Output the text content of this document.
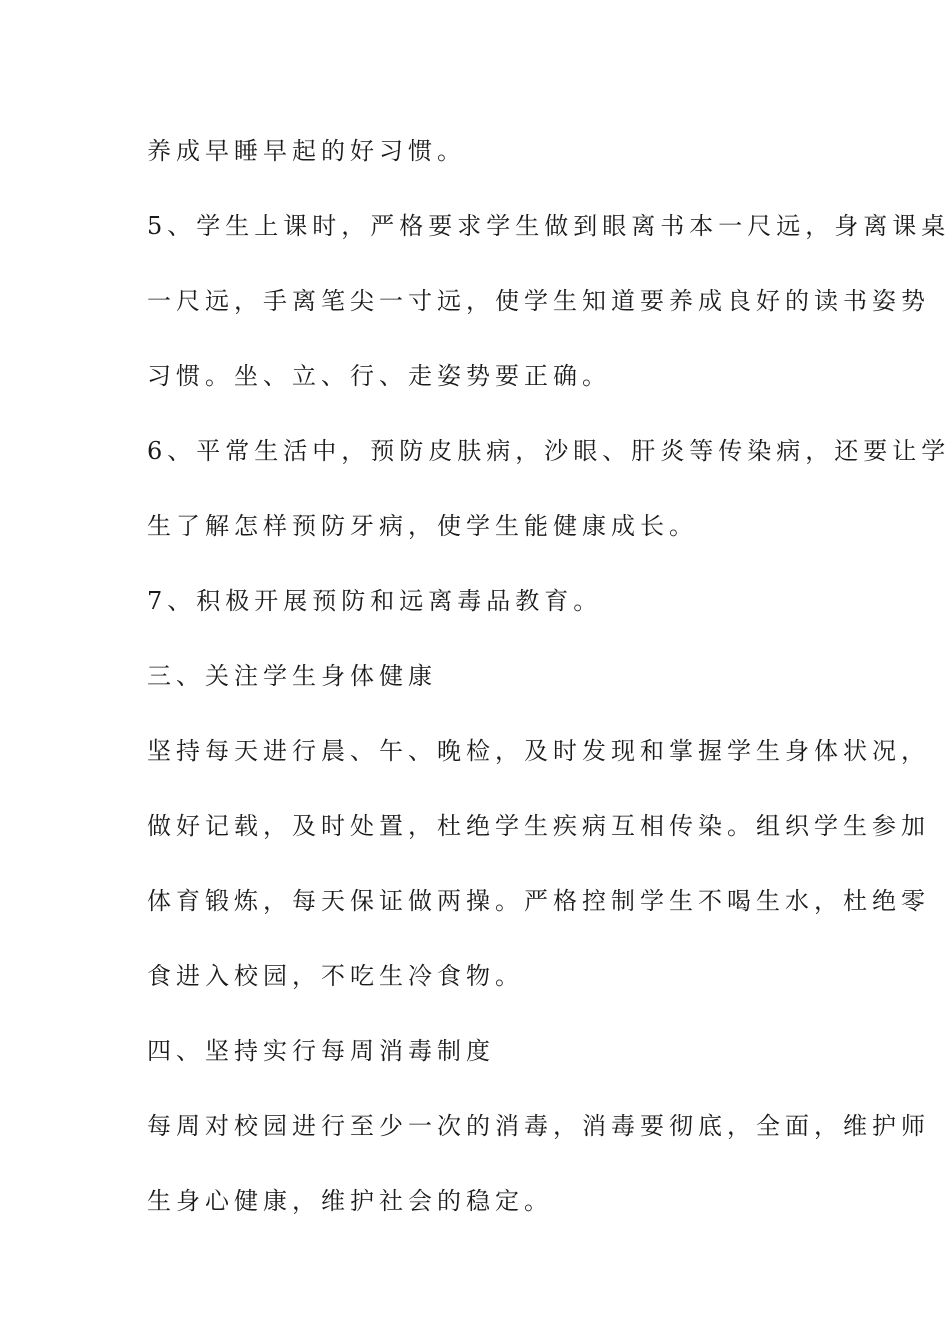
养成早睡早起的好习惯。
5、学生上课时，严格要求学生做到眼离书本一尺远，身离课桌
一尺远，手离笔尖一寸远，使学生知道要养成良好的读书姿势
习惯。坐、立、行、走姿势要正确。
6、平常生活中，预防皮肤病，沙眼、肝炎等传染病，还要让学
生了解怎样预防牙病，使学生能健康成长。
7、积极开展预防和远离毒品教育。
三、关注学生身体健康
坚持每天进行晨、午、晚检，及时发现和掌握学生身体状况，
做好记载，及时处置，杜绝学生疾病互相传染。组织学生参加
体育锻炼，每天保证做两操。严格控制学生不喝生水，杜绝零
食进入校园，不吃生冷食物。
四、坚持实行每周消毒制度
每周对校园进行至少一次的消毒，消毒要彻底，全面，维护师
生身心健康，维护社会的稳定。
